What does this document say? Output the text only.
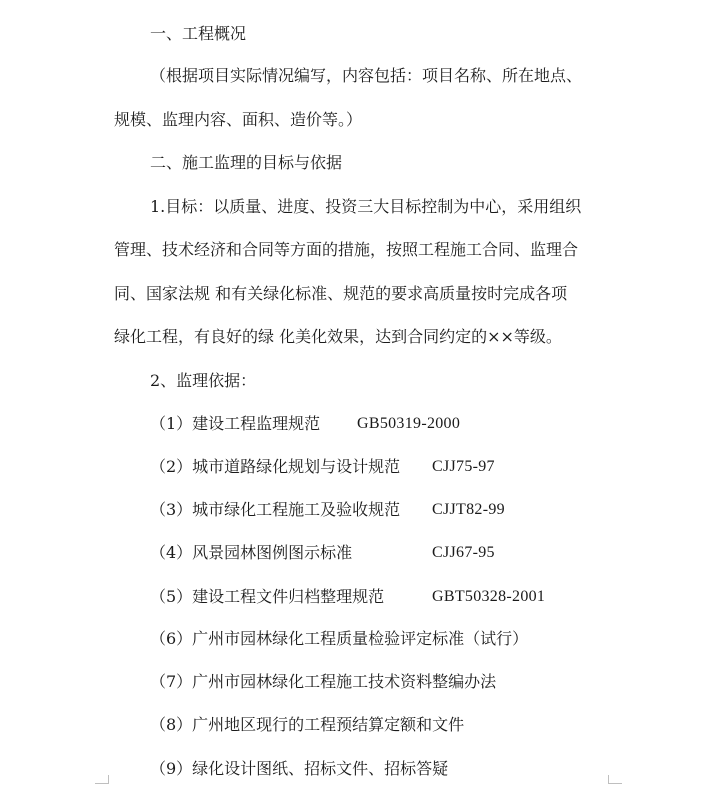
一、工程概况
（根据项目实际情况编写，内容包括：项目名称、所在地点、
规模、监理内容、面积、造价等。）
二、施工监理的目标与依据
1.目标：以质量、进度、投资三大目标控制为中心，采用组织
管理、技术经济和合同等方面的措施，按照工程施工合同、监理合
同、国家法规 和有关绿化标准、规范的要求高质量按时完成各项
绿化工程，有良好的绿 化美化效果，达到合同约定的××等级。
2、监理依据：
（1）建设工程监理规范 GB50319-2000
（2）城市道路绿化规划与设计规范 CJJ75-97
（3）城市绿化工程施工及验收规范 CJJT82-99
（4）风景园林图例图示标准	CJJ67-95
（5）建设工程文件归档整理规范	GBT50328-2001
（6）广州市园林绿化工程质量检验评定标准（试行）
（7）广州市园林绿化工程施工技术资料整编办法
（8）广州地区现行的工程预结算定额和文件
（9）绿化设计图纸、招标文件、招标答疑
